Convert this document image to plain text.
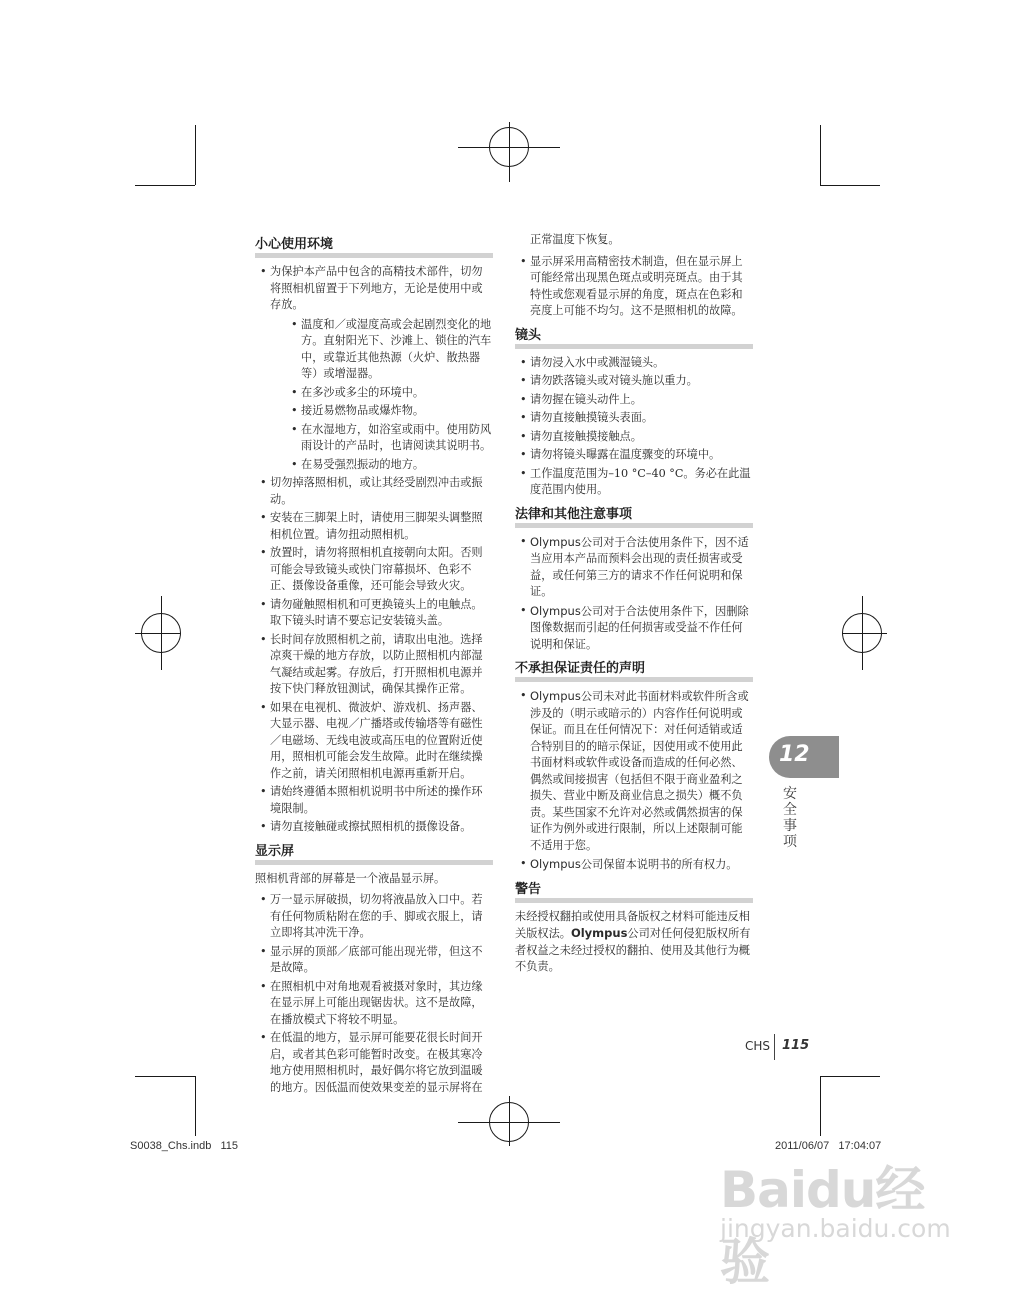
小心使用环境
• 为保护本产品中包含的高精技术部件，切勿将照相机留置于下列地方，无论是使用中或存放。
• 温度和／或湿度高或会起剧烈变化的地方。直射阳光下、沙滩上、锁住的汽车中，或靠近其他热源（火炉、散热器等）或增湿器。
• 在多沙或多尘的环境中。
• 接近易燃物品或爆炸物。
• 在水湿地方，如浴室或雨中。使用防风雨设计的产品时，也请阅读其说明书。
• 在易受强烈振动的地方。
• 切勿掉落照相机，或让其经受剧烈冲击或振动。
• 安装在三脚架上时，请使用三脚架头调整照相机位置。请勿扭动照相机。
• 放置时，请勿将照相机直接朝向太阳。否则可能会导致镜头或快门帘幕损坏、色彩不正、摄像设备重像，还可能会导致火灾。
• 请勿碰触照相机和可更换镜头上的电触点。取下镜头时请不要忘记安装镜头盖。
• 长时间存放照相机之前，请取出电池。选择凉爽干燥的地方存放，以防止照相机内部湿气凝结或起雾。存放后，打开照相机电源并按下快门释放钮测试，确保其操作正常。
• 如果在电视机、微波炉、游戏机、扬声器、大显示器、电视／广播塔或传输塔等有磁性／电磁场、无线电波或高压电的位置附近使用，照相机可能会发生故障。此时在继续操作之前，请关闭照相机电源再重新开启。
• 请始终遵循本照相机说明书中所述的操作环境限制。
• 请勿直接触碰或擦拭照相机的摄像设备。
显示屏

照相机背部的屏幕是一个液晶显示屏。

• 万一显示屏破损，切勿将液晶放入口中。若有任何物质粘附在您的手、脚或衣服上，请立即将其冲洗干净。
• 显示屏的顶部／底部可能出现光带，但这不是故障。
• 在照相机中对角地观看被摄对象时，其边缘在显示屏上可能出现锯齿状。这不是故障，在播放模式下将较不明显。
• 在低温的地方，显示屏可能要花很长时间开启，或者其色彩可能暂时改变。在极其寒冷地方使用照相机时，最好偶尔将它放到温暖的地方。因低温而使效果变差的显示屏将在
正常温度下恢复。
• 显示屏采用高精密技术制造，但在显示屏上可能经常出现黑色斑点或明亮斑点。由于其特性或您观看显示屏的角度，斑点在色彩和亮度上可能不均匀。这不是照相机的故障。
镜头
• 请勿浸入水中或溅湿镜头。
• 请勿跌落镜头或对镜头施以重力。
• 请勿握在镜头动件上。
• 请勿直接触摸镜头表面。
• 请勿直接触摸接触点。
• 请勿将镜头曝露在温度骤变的环境中。
• 工作温度范围为–10 °C–40 °C。务必在此温度范围内使用。
法律和其他注意事项
• Olympus公司对于合法使用条件下，因不适当应用本产品而预料会出现的责任损害或受益，或任何第三方的请求不作任何说明和保证。
• Olympus公司对于合法使用条件下，因删除图像数据而引起的任何损害或受益不作任何说明和保证。
不承担保证责任的声明
• Olympus公司未对此书面材料或软件所含或涉及的（明示或暗示的）内容作任何说明或保证。而且在任何情况下：对任何适销或适合特别目的的暗示保证，因使用或不使用此书面材料或软件或设备而造成的任何必然、偶然或间接损害（包括但不限于商业盈利之损失、营业中断及商业信息之损失）概不负责。某些国家不允许对必然或偶然损害的保证作为例外或进行限制，所以上述限制可能不适用于您。
• Olympus公司保留本说明书的所有权力。
警告

未经授权翻拍或使用具备版权之材料可能违反相关版权法。Olympus公司对任何侵犯版权所有者权益之未经过授权的翻拍、使用及其他行为概不负责。

12
安全事项
CHS 115
S0038_Chs.indb   115	2011/06/07   17:04:07
Baidu经验
jingyan.baidu.com
